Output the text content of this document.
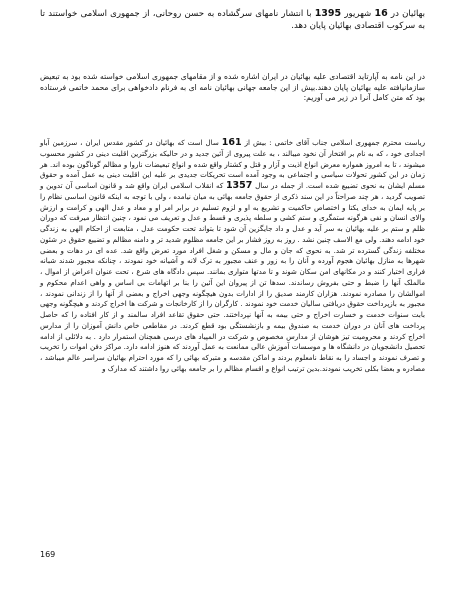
بهائیان در 16 شهریور 1395 با انتشار نامهای سرگشاده به حسن روحانی، از جمهوری اسلامی خواستند تا به سرکوب اقتصادی بهائیان پایان دهد.
در این نامه به آپارتاید اقتصادی علیه بهائیان در ایران اشاره شده و از مقامهای جمهوری اسلامی خواسته شده بود به تبعیض سازمانیافته علیه بهائیان پایان دهند.بیش از این جامعه جهانی بهائیان نامه ای به فرنام دادخواهی برای محمد خاتمی فرستاده بود که متن کامل آنرا در زیر می آوریم:
ریاست محترم جمهوری اسلامی جناب آقای خاتمی : بیش از 161 سال است که بهائیان در کشور مقدس ایران ، سرزمین آباو اجدادی خود ، که به نام بر افتخار آن نخود میبالند ، به علت پیروی از آئین جدید و در حالیکه بزرگترین اقلیت دینی در کشور محسوب میشوند ، تا به امروز همواره معرض انواع اذیت و آزار و قتل و کشتار واقع شده و انواع تبعیضات ناروا و مظالم گوناگون بوده اند. هر زمان در این کشور تحولات سیاسی و اجتماعی به وجود آمده است تحریکات جدیدی بر علیه این اقلیت دینی به عمل آمده و حقوق مسلم ایشان به نحوی تضییع شده است. از جمله در سال 1357 که انقلاب اسلامی ایران واقع شد و قانون اساسی آن تدوین و تصویب گردید ، هر چند صراحتاً در این سند ذکری از حقوق جامعه بهائی به میان نیامده ، ولی با توجه به اینکه قانون اساسی نظام را بر پایه ایمان به خدای یکتا و اختصاص حاکمیت و تشریع به او و لزوم تسلیم در برابر امر او و معاد و عدل الهی و کرامت و ارزش والای انسان و نفی هرگونه ستمگری و ستم کشی و سلطه پذیری و قسط و عدل و تعریف می نمود ، چنین انتظار میرفت که دوران ظلم و ستم بر علیه بهائیان به سر آید و عدل و داد جایگزین آن شود تا بتواند تحت حکومت عدل ، متابعت از احکام الهی به زندگی خود ادامه دهند. ولی مع الاسف چنین نشد . روز به روز فشار بر این جامعه مظلوم شدید تر و دامنه مظالم و تضییع حقوق در شئون مختلفه زندگی گسترده تر شد. به نحوی که جان و مال و مسکن و شغل افراد مورد تعرض واقع شد. عده ای در دهات و بعضی شهرها به منازل بهائیان هجوم آورده و آنان را به زور و عنف مجبور به ترک لانه و آشیانه خود نمودند ، چنانکه مجبور شدند شبانه فراری اختیار کنند و در مکانهای امن سکان شوند و تا مدتها متواری بمانند. سپس دادگاه های شرع ، تحت عنوان اعراض از اموال ، مالملک آنها را ضبط و حتی بفروش رساندند. سدها تن از پیروان این آئین را بنا بر اتهامات بی اساس و واهی اعدام محکوم و اموالشان را مصادره نمودند. هزاران کارمند صدیق را از ادارات بدون هیچگونه وجهی اخراج و بعضی از آنها را از زندانی نمودند ، مجبور به بازپرداخت حقوق دریافتی سالیان خدمت خود نمودند . کارگران را از کارخانجات و شرکت ها اخراج کردند و هیچگونه وجهی بابت سنوات خدمت و خسارت اخراج و حتی بیمه به آنها نپرداختند. حتی حقوق تقاعد افراد سالمند و از کار افتاده را که حاصل پرداخت های آنان در دوران خدمت به صندوق بیمه و بازنشستگی بود قطع کردند. در مقاطعی خاص دانش آموزان را از مدارس اخراج کردند و محرومیت تیز هوشان از مدارس مخصوص و شرکت در المپیاد های درسی همچنان استمرار دارد . به دلائلی از ادامه تحصیل دانشجویان در دانشگاه ها و موسسات آموزش عالی ممانعت به عمل آوردند که هنوز ادامه دارد. مراکز دفن اموات را تخریب و تصرف نمودند و اجساد را به نقاط نامعلوم بردند و اماکن مقدسه و متبرکه بهائی را که مورد احترام بهائیان سراسر عالم میباشد ، مصادره و بعضا بکلی تخریب نمودند.بدین ترتیب انواع و اقسام مظالم را بر جامعه بهائی روا داشتند که مدارک و
169
